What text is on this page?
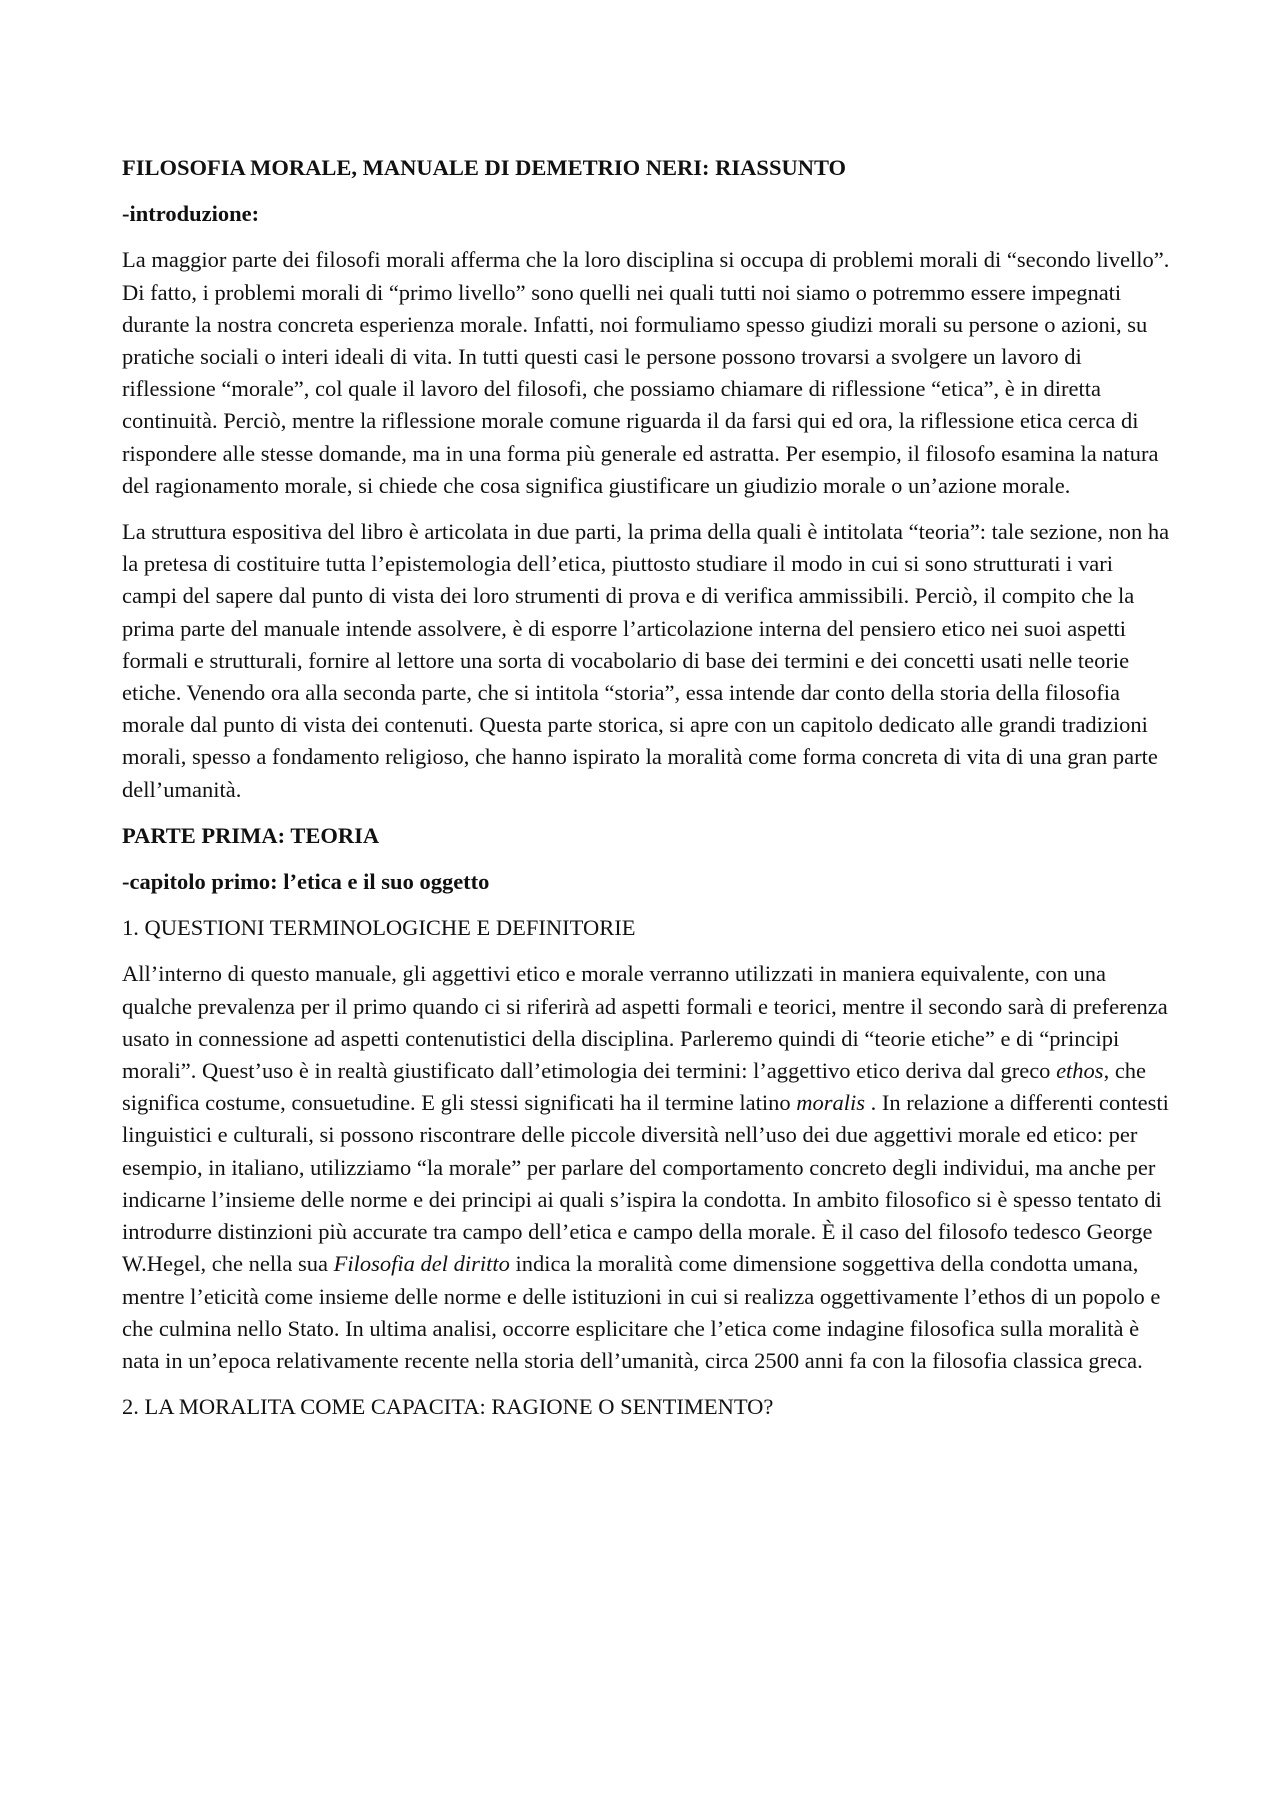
FILOSOFIA MORALE, MANUALE DI DEMETRIO NERI: RIASSUNTO

-introduzione:

La maggior parte dei filosofi morali afferma che la loro disciplina si occupa di problemi morali di “secondo livello”. Di fatto, i problemi morali di “primo livello” sono quelli nei quali tutti noi siamo o potremmo essere impegnati durante la nostra concreta esperienza morale. Infatti, noi formuliamo spesso giudizi morali su persone o azioni, su pratiche sociali o interi ideali di vita. In tutti questi casi le persone possono trovarsi a svolgere un lavoro di riflessione “morale”, col quale il lavoro del filosofi, che possiamo chiamare di riflessione “etica”, è in diretta continuità. Perciò, mentre la riflessione morale comune riguarda il da farsi qui ed ora, la riflessione etica cerca di rispondere alle stesse domande, ma in una forma più generale ed astratta. Per esempio, il filosofo esamina la natura del ragionamento morale, si chiede che cosa significa giustificare un giudizio morale o un’azione morale.

La struttura espositiva del libro è articolata in due parti, la prima della quali è intitolata “teoria”: tale sezione, non ha la pretesa di costituire tutta l’epistemologia dell’etica, piuttosto studiare il modo in cui si sono strutturati i vari campi del sapere dal punto di vista dei loro strumenti di prova e di verifica ammissibili. Perciò, il compito che la prima parte del manuale intende assolvere, è di esporre l’articolazione interna del pensiero etico nei suoi aspetti formali e strutturali, fornire al lettore una sorta di vocabolario di base dei termini e dei concetti usati nelle teorie etiche. Venendo ora alla seconda parte, che si intitola “storia”, essa intende dar conto della storia della filosofia morale dal punto di vista dei contenuti. Questa parte storica, si apre con un capitolo dedicato alle grandi tradizioni morali, spesso a fondamento religioso, che hanno ispirato la moralità come forma concreta di vita di una gran parte dell’umanità.

PARTE PRIMA: TEORIA

-capitolo primo: l’etica e il suo oggetto

1. QUESTIONI TERMINOLOGICHE E DEFINITORIE

All’interno di questo manuale, gli aggettivi etico e morale verranno utilizzati in maniera equivalente, con una qualche prevalenza per il primo quando ci si riferirà ad aspetti formali e teorici, mentre il secondo sarà di preferenza usato in connessione ad aspetti contenutistici della disciplina. Parleremo quindi di “teorie etiche” e di “principi morali”. Quest’uso è in realtà giustificato dall’etimologia dei termini: l’aggettivo etico deriva dal greco ethos, che significa costume, consuetudine. E gli stessi significati ha il termine latino moralis . In relazione a differenti contesti linguistici e culturali, si possono riscontrare delle piccole diversità nell’uso dei due aggettivi morale ed etico: per esempio, in italiano, utilizziamo “la morale” per parlare del comportamento concreto degli individui, ma anche per indicarne l’insieme delle norme e dei principi ai quali s’ispira la condotta. In ambito filosofico si è spesso tentato di introdurre distinzioni più accurate tra campo dell’etica e campo della morale. È il caso del filosofo tedesco George W.Hegel, che nella sua Filosofia del diritto indica la moralità come dimensione soggettiva della condotta umana, mentre l’eticità come insieme delle norme e delle istituzioni in cui si realizza oggettivamente l’ethos di un popolo e che culmina nello Stato. In ultima analisi, occorre esplicitare che l’etica come indagine filosofica sulla moralità è nata in un’epoca relativamente recente nella storia dell’umanità, circa 2500 anni fa con la filosofia classica greca.

2. LA MORALITA COME CAPACITA: RAGIONE O SENTIMENTO?
